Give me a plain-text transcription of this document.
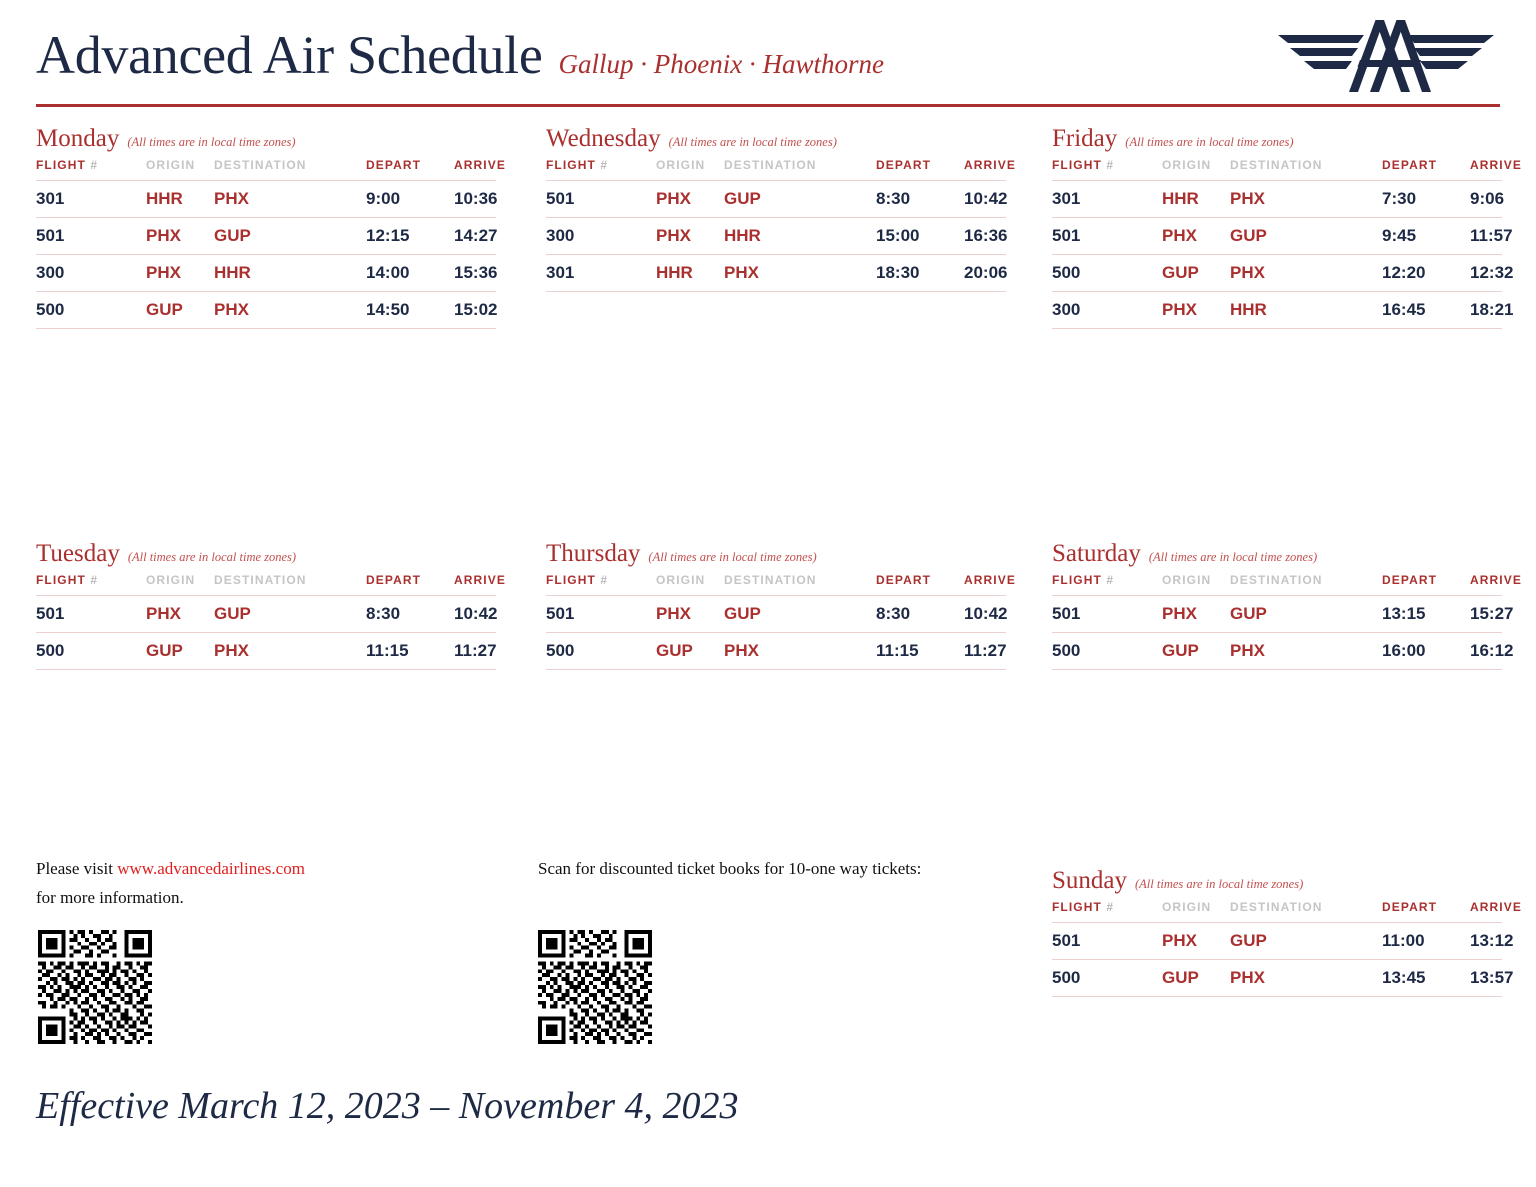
Advanced Air Schedule Gallup · Phoenix · Hawthorne
Monday (All times are in local time zones)
FLIGHT #	ORIGIN	DESTINATION	DEPART	ARRIVE
301	HHR	PHX	9:00	10:36
501	PHX	GUP	12:15	14:27
300	PHX	HHR	14:00	15:36
500	GUP	PHX	14:50	15:02
Wednesday (All times are in local time zones)
FLIGHT #	ORIGIN	DESTINATION	DEPART	ARRIVE
501	PHX	GUP	8:30	10:42
300	PHX	HHR	15:00	16:36
301	HHR	PHX	18:30	20:06
Friday (All times are in local time zones)
FLIGHT #	ORIGIN	DESTINATION	DEPART	ARRIVE
301	HHR	PHX	7:30	9:06
501	PHX	GUP	9:45	11:57
500	GUP	PHX	12:20	12:32
300	PHX	HHR	16:45	18:21
Tuesday (All times are in local time zones)
FLIGHT #	ORIGIN	DESTINATION	DEPART	ARRIVE
501	PHX	GUP	8:30	10:42
500	GUP	PHX	11:15	11:27
Thursday (All times are in local time zones)
FLIGHT #	ORIGIN	DESTINATION	DEPART	ARRIVE
501	PHX	GUP	8:30	10:42
500	GUP	PHX	11:15	11:27
Saturday (All times are in local time zones)
FLIGHT #	ORIGIN	DESTINATION	DEPART	ARRIVE
501	PHX	GUP	13:15	15:27
500	GUP	PHX	16:00	16:12
Sunday (All times are in local time zones)
FLIGHT #	ORIGIN	DESTINATION	DEPART	ARRIVE
501	PHX	GUP	11:00	13:12
500	GUP	PHX	13:45	13:57
Please visit www.advancedairlines.com
for more information.
Scan for discounted ticket books for 10-one way tickets:
Effective March 12, 2023 – November 4, 2023
